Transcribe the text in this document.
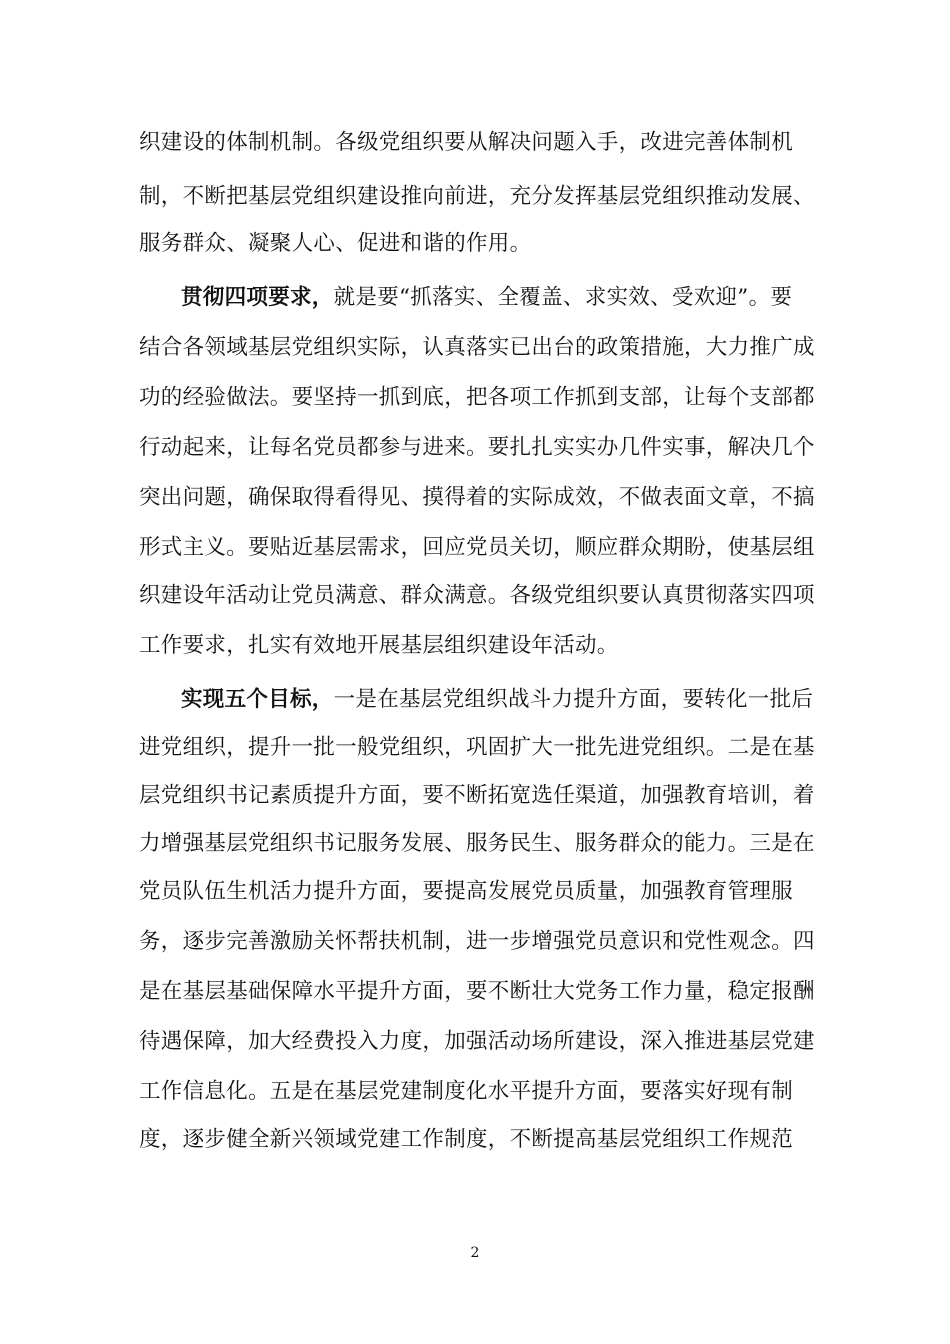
织建设的体制机制。各级党组织要从解决问题入手，改进完善体制机
制，不断把基层党组织建设推向前进，充分发挥基层党组织推动发展、
服务群众、凝聚人心、促进和谐的作用。
贯彻四项要求，就是要“抓落实、全覆盖、求实效、受欢迎”。要
结合各领域基层党组织实际，认真落实已出台的政策措施，大力推广成
功的经验做法。要坚持一抓到底，把各项工作抓到支部，让每个支部都
行动起来，让每名党员都参与进来。要扎扎实实办几件实事，解决几个
突出问题，确保取得看得见、摸得着的实际成效，不做表面文章，不搞
形式主义。要贴近基层需求，回应党员关切，顺应群众期盼，使基层组
织建设年活动让党员满意、群众满意。各级党组织要认真贯彻落实四项
工作要求，扎实有效地开展基层组织建设年活动。
实现五个目标，一是在基层党组织战斗力提升方面，要转化一批后
进党组织，提升一批一般党组织，巩固扩大一批先进党组织。二是在基
层党组织书记素质提升方面，要不断拓宽选任渠道，加强教育培训，着
力增强基层党组织书记服务发展、服务民生、服务群众的能力。三是在
党员队伍生机活力提升方面，要提高发展党员质量，加强教育管理服
务，逐步完善激励关怀帮扶机制，进一步增强党员意识和党性观念。四
是在基层基础保障水平提升方面，要不断壮大党务工作力量，稳定报酬
待遇保障，加大经费投入力度，加强活动场所建设，深入推进基层党建
工作信息化。五是在基层党建制度化水平提升方面，要落实好现有制
度，逐步健全新兴领域党建工作制度，不断提高基层党组织工作规范
2
